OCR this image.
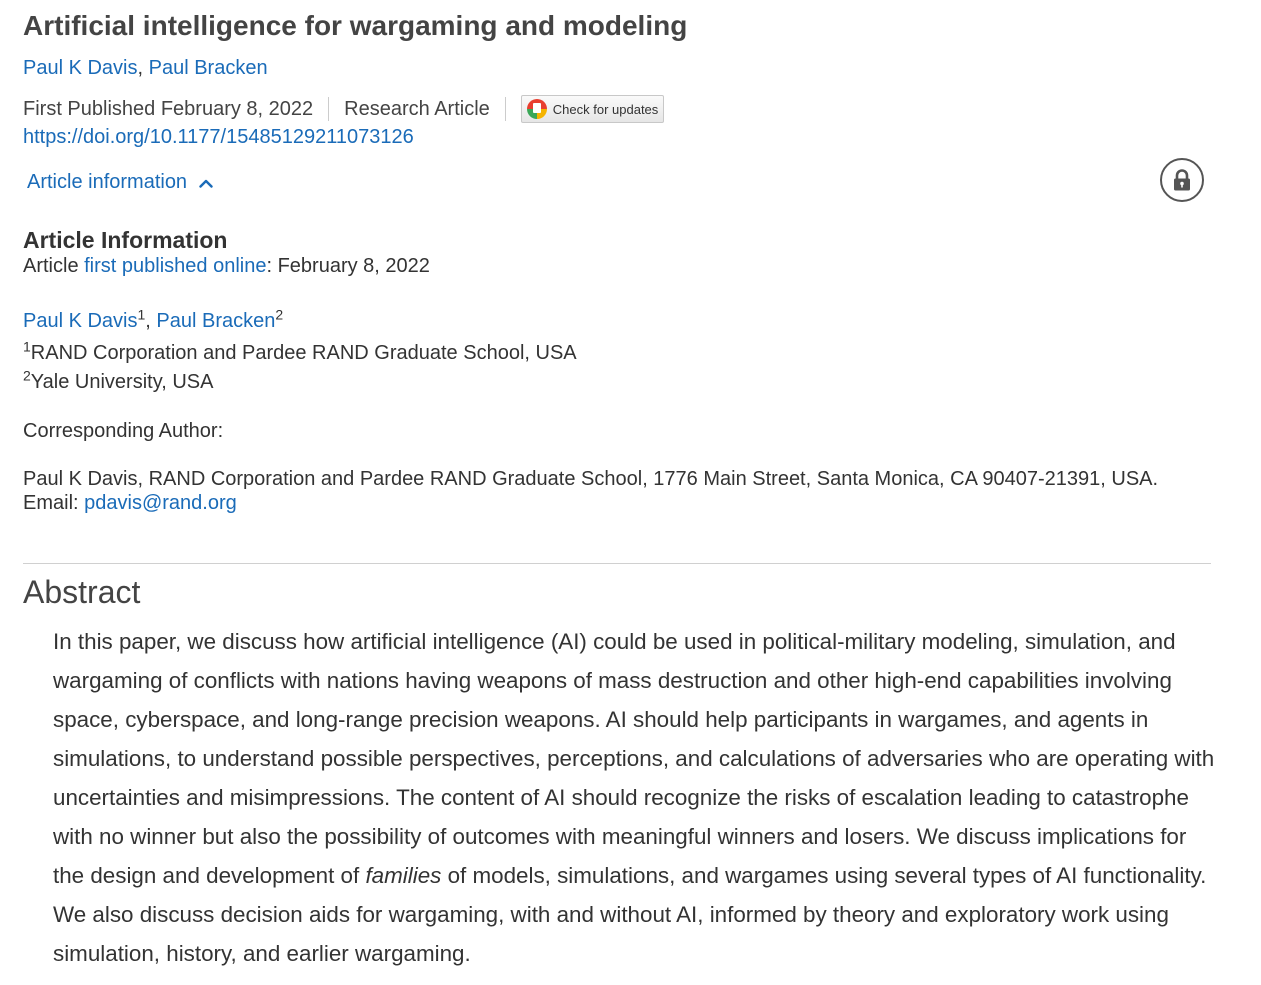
Artificial intelligence for wargaming and modeling
Paul K Davis, Paul Bracken
First Published February 8, 2022 Research Article	Check for updates
https://doi.org/10.1177/15485129211073126
Article information
Article Information
Article first published online: February 8, 2022
Paul K Davis$^1$, Paul Bracken$^2$
$^1$RAND Corporation and Pardee RAND Graduate School, USA
$^2$Yale University, USA
Corresponding Author:
Paul K Davis, RAND Corporation and Pardee RAND Graduate School, 1776 Main Street, Santa Monica, CA 90407-21391, USA. Email: pdavis@rand.org
Abstract

In this paper, we discuss how artificial intelligence (AI) could be used in political-military modeling, simulation, and wargaming of conflicts with nations having weapons of mass destruction and other high-end capabilities involving space, cyberspace, and long-range precision weapons. AI should help participants in wargames, and agents in simulations, to understand possible perspectives, perceptions, and calculations of adversaries who are operating with uncertainties and misimpressions. The content of AI should recognize the risks of escalation leading to catastrophe with no winner but also the possibility of outcomes with meaningful winners and losers. We discuss implications for the design and development of families of models, simulations, and wargames using several types of AI functionality. We also discuss decision aids for wargaming, with and without AI, informed by theory and exploratory work using simulation, history, and earlier wargaming.
